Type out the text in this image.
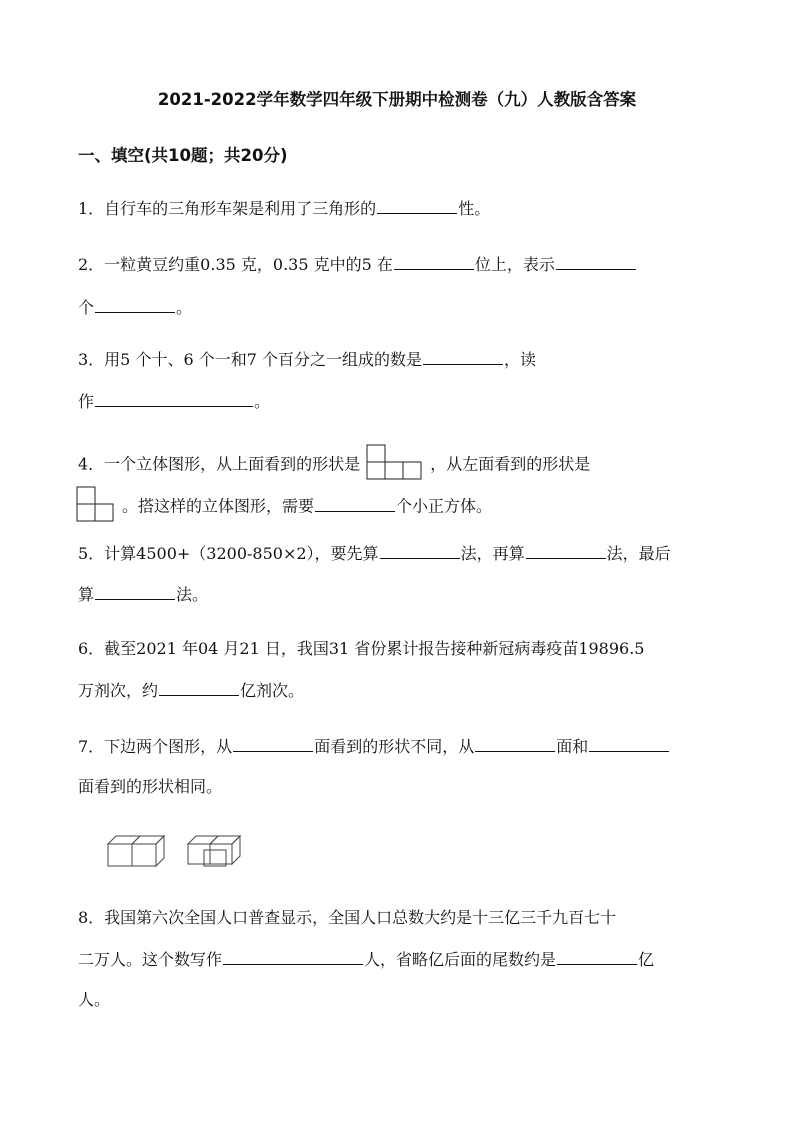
2021-2022学年数学四年级下册期中检测卷（九）人教版含答案
一、填空(共10题；共20分)
1．自行车的三角形车架是利用了三角形的	性。
2．一粒黄豆约重0.35 克，0.35 克中的5 在	位上，表示
个	。
3．用5 个十、6 个一和7 个百分之一组成的数是	，读
作	。
4．一个立体图形，从上面看到的形状是	，从左面看到的形状是
。搭这样的立体图形，需要	个小正方体。
5．计算4500+（3200-850×2），要先算	法，再算	法，最后
算	法。
6．截至2021 年04 月21 日，我国31 省份累计报告接种新冠病毒疫苗19896.5
万剂次，约	亿剂次。
7．下边两个图形，从	面看到的形状不同，从	面和
面看到的形状相同。
8．我国第六次全国人口普查显示，全国人口总数大约是十三亿三千九百七十
二万人。这个数写作	人，省略亿后面的尾数约是	亿
人。
